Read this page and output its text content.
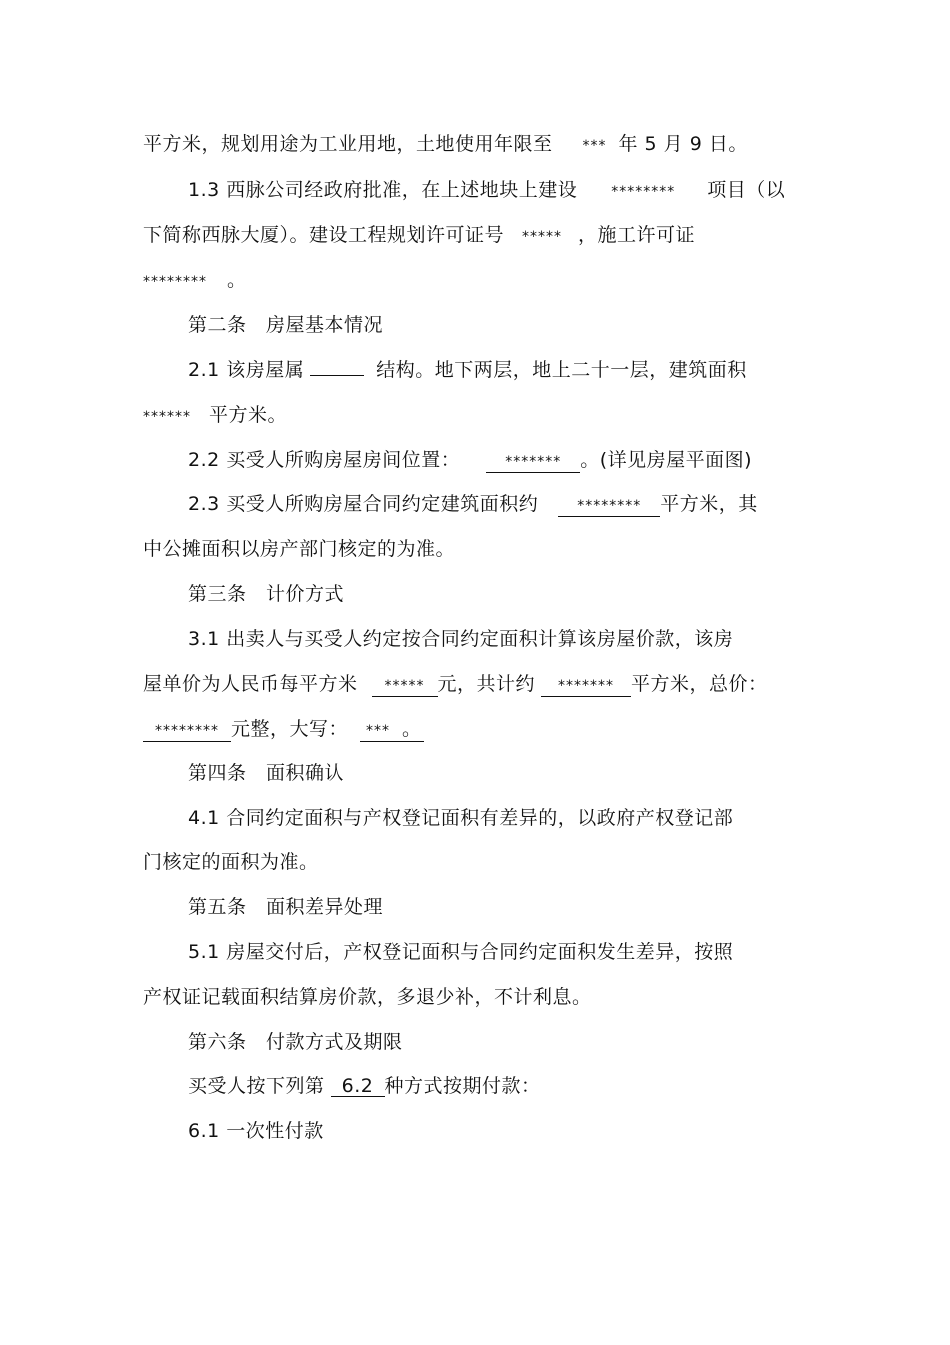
平方米，规划用途为工业用地，土地使用年限至 *** 年 5 月 9 日。
1.3 西脉公司经政府批准，在上述地块上建设 ******** 项目（以
下简称西脉大厦）。建设工程规划许可证号 ***** ，施工许可证
******** 。
第二条　房屋基本情况
2.1 该房屋属	结构。地下两层，地上二十一层，建筑面积
****** 平方米。
2.2 买受人所购房屋房间位置：	******* 。(详见房屋平面图)
2.3 买受人所购房屋合同约定建筑面积约	******** 平方米，其
中公摊面积以房产部门核定的为准。
第三条　计价方式
3.1 出卖人与买受人约定按合同约定面积计算该房屋价款，该房
屋单价为人民币每平方米 ***** 元，共计约 ******* 平方米，总价：
******** 元整，大写： *** 。
第四条　面积确认
4.1 合同约定面积与产权登记面积有差异的，以政府产权登记部
门核定的面积为准。
第五条　面积差异处理
5.1 房屋交付后，产权登记面积与合同约定面积发生差异，按照
产权证记载面积结算房价款，多退少补，不计利息。
第六条　付款方式及期限
买受人按下列第 6.2 种方式按期付款：
6.1 一次性付款
